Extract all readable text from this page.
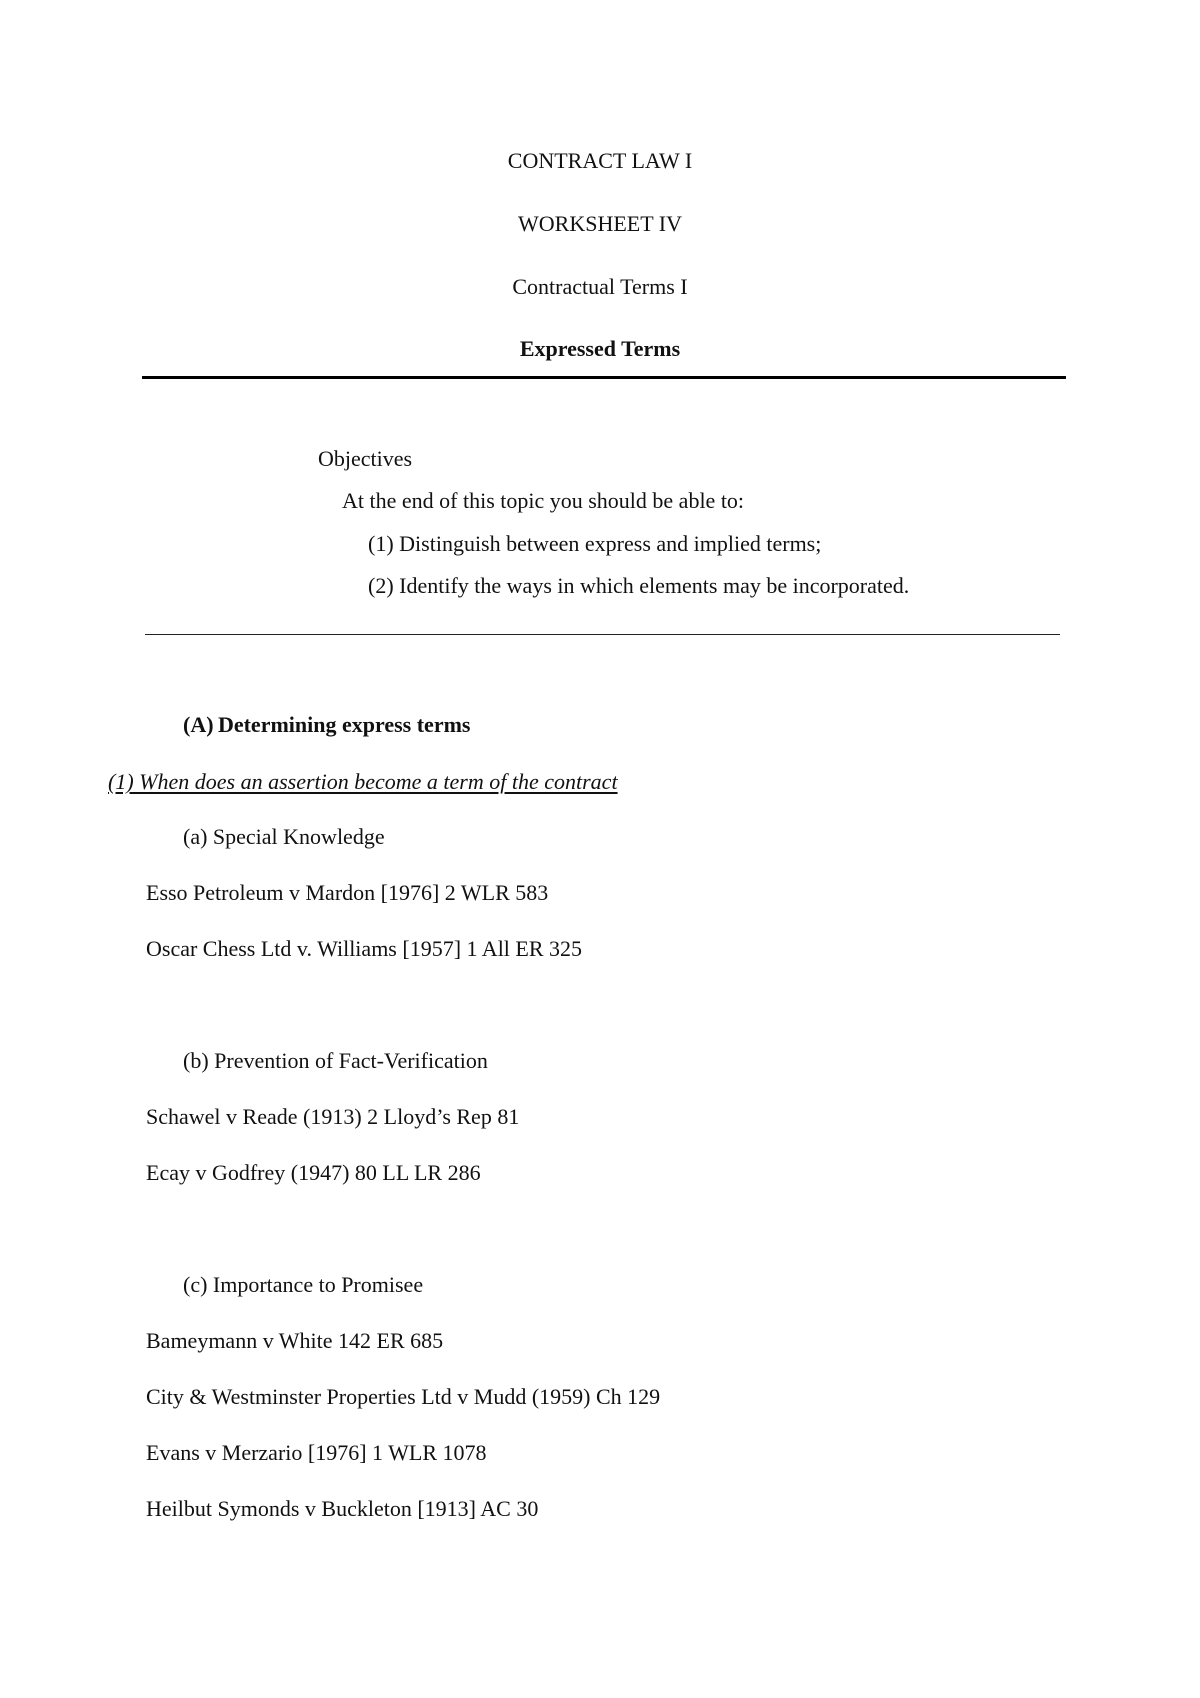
CONTRACT LAW I
WORKSHEET IV
Contractual Terms I
Expressed Terms
Objectives
At the end of this topic you should be able to:
(1) Distinguish between express and implied terms;
(2) Identify the ways in which elements may be incorporated.
(A) Determining express terms
(1) When does an assertion become a term of the contract
(a) Special Knowledge
Esso Petroleum v Mardon [1976] 2 WLR 583
Oscar Chess Ltd v. Williams [1957] 1 All ER 325
(b) Prevention of Fact-Verification
Schawel v Reade (1913) 2 Lloyd’s Rep 81
Ecay v Godfrey (1947) 80 LL LR 286
(c) Importance to Promisee
Bameymann v White 142 ER 685
City & Westminster Properties Ltd v Mudd (1959) Ch 129
Evans v Merzario [1976] 1 WLR 1078
Heilbut Symonds v Buckleton [1913] AC 30
